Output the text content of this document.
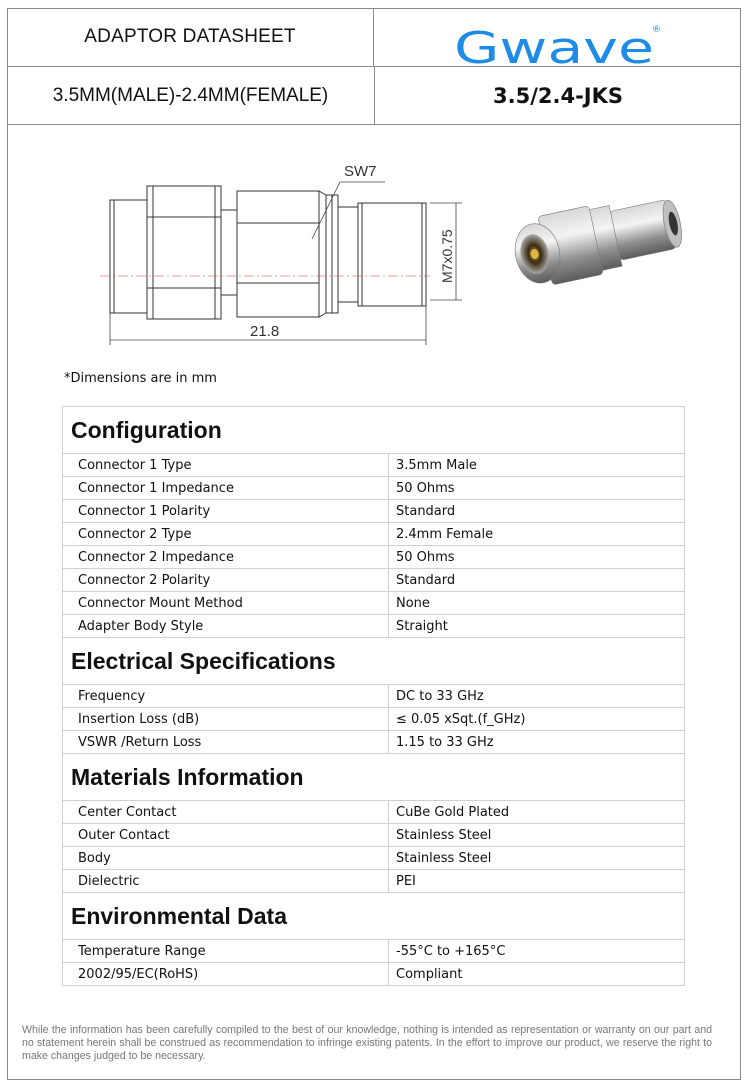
ADAPTOR DATASHEET	Gwave
®
3.5MM(MALE)-2.4MM(FEMALE)	3.5/2.4-JKS
SW7
M7x0.75
21.8
*Dimensions are in mm
Configuration	
Connector 1 Type	3.5mm Male
Connector 1 Impedance	50 Ohms
Connector 1 Polarity	Standard
Connector 2 Type	2.4mm Female
Connector 2 Impedance	50 Ohms
Connector 2 Polarity	Standard
Connector Mount Method	None
Adapter Body Style	Straight
Electrical Specifications	
Frequency	DC to 33 GHz
Insertion Loss (dB)	≤ 0.05 xSqt.(f_GHz)
VSWR /Return Loss	1.15 to 33 GHz
Materials Information	
Center Contact	CuBe Gold Plated
Outer Contact	Stainless Steel
Body	Stainless Steel
Dielectric	PEI
Environmental Data	
Temperature Range	-55°C to +165°C
2002/95/EC(RoHS)	Compliant
While the information has been carefully compiled to the best of our knowledge, nothing is intended as representation or warranty on our part and no statement herein shall be construed as recommendation to infringe existing patents. In the effort to improve our product, we reserve the right to make changes judged to be necessary.
